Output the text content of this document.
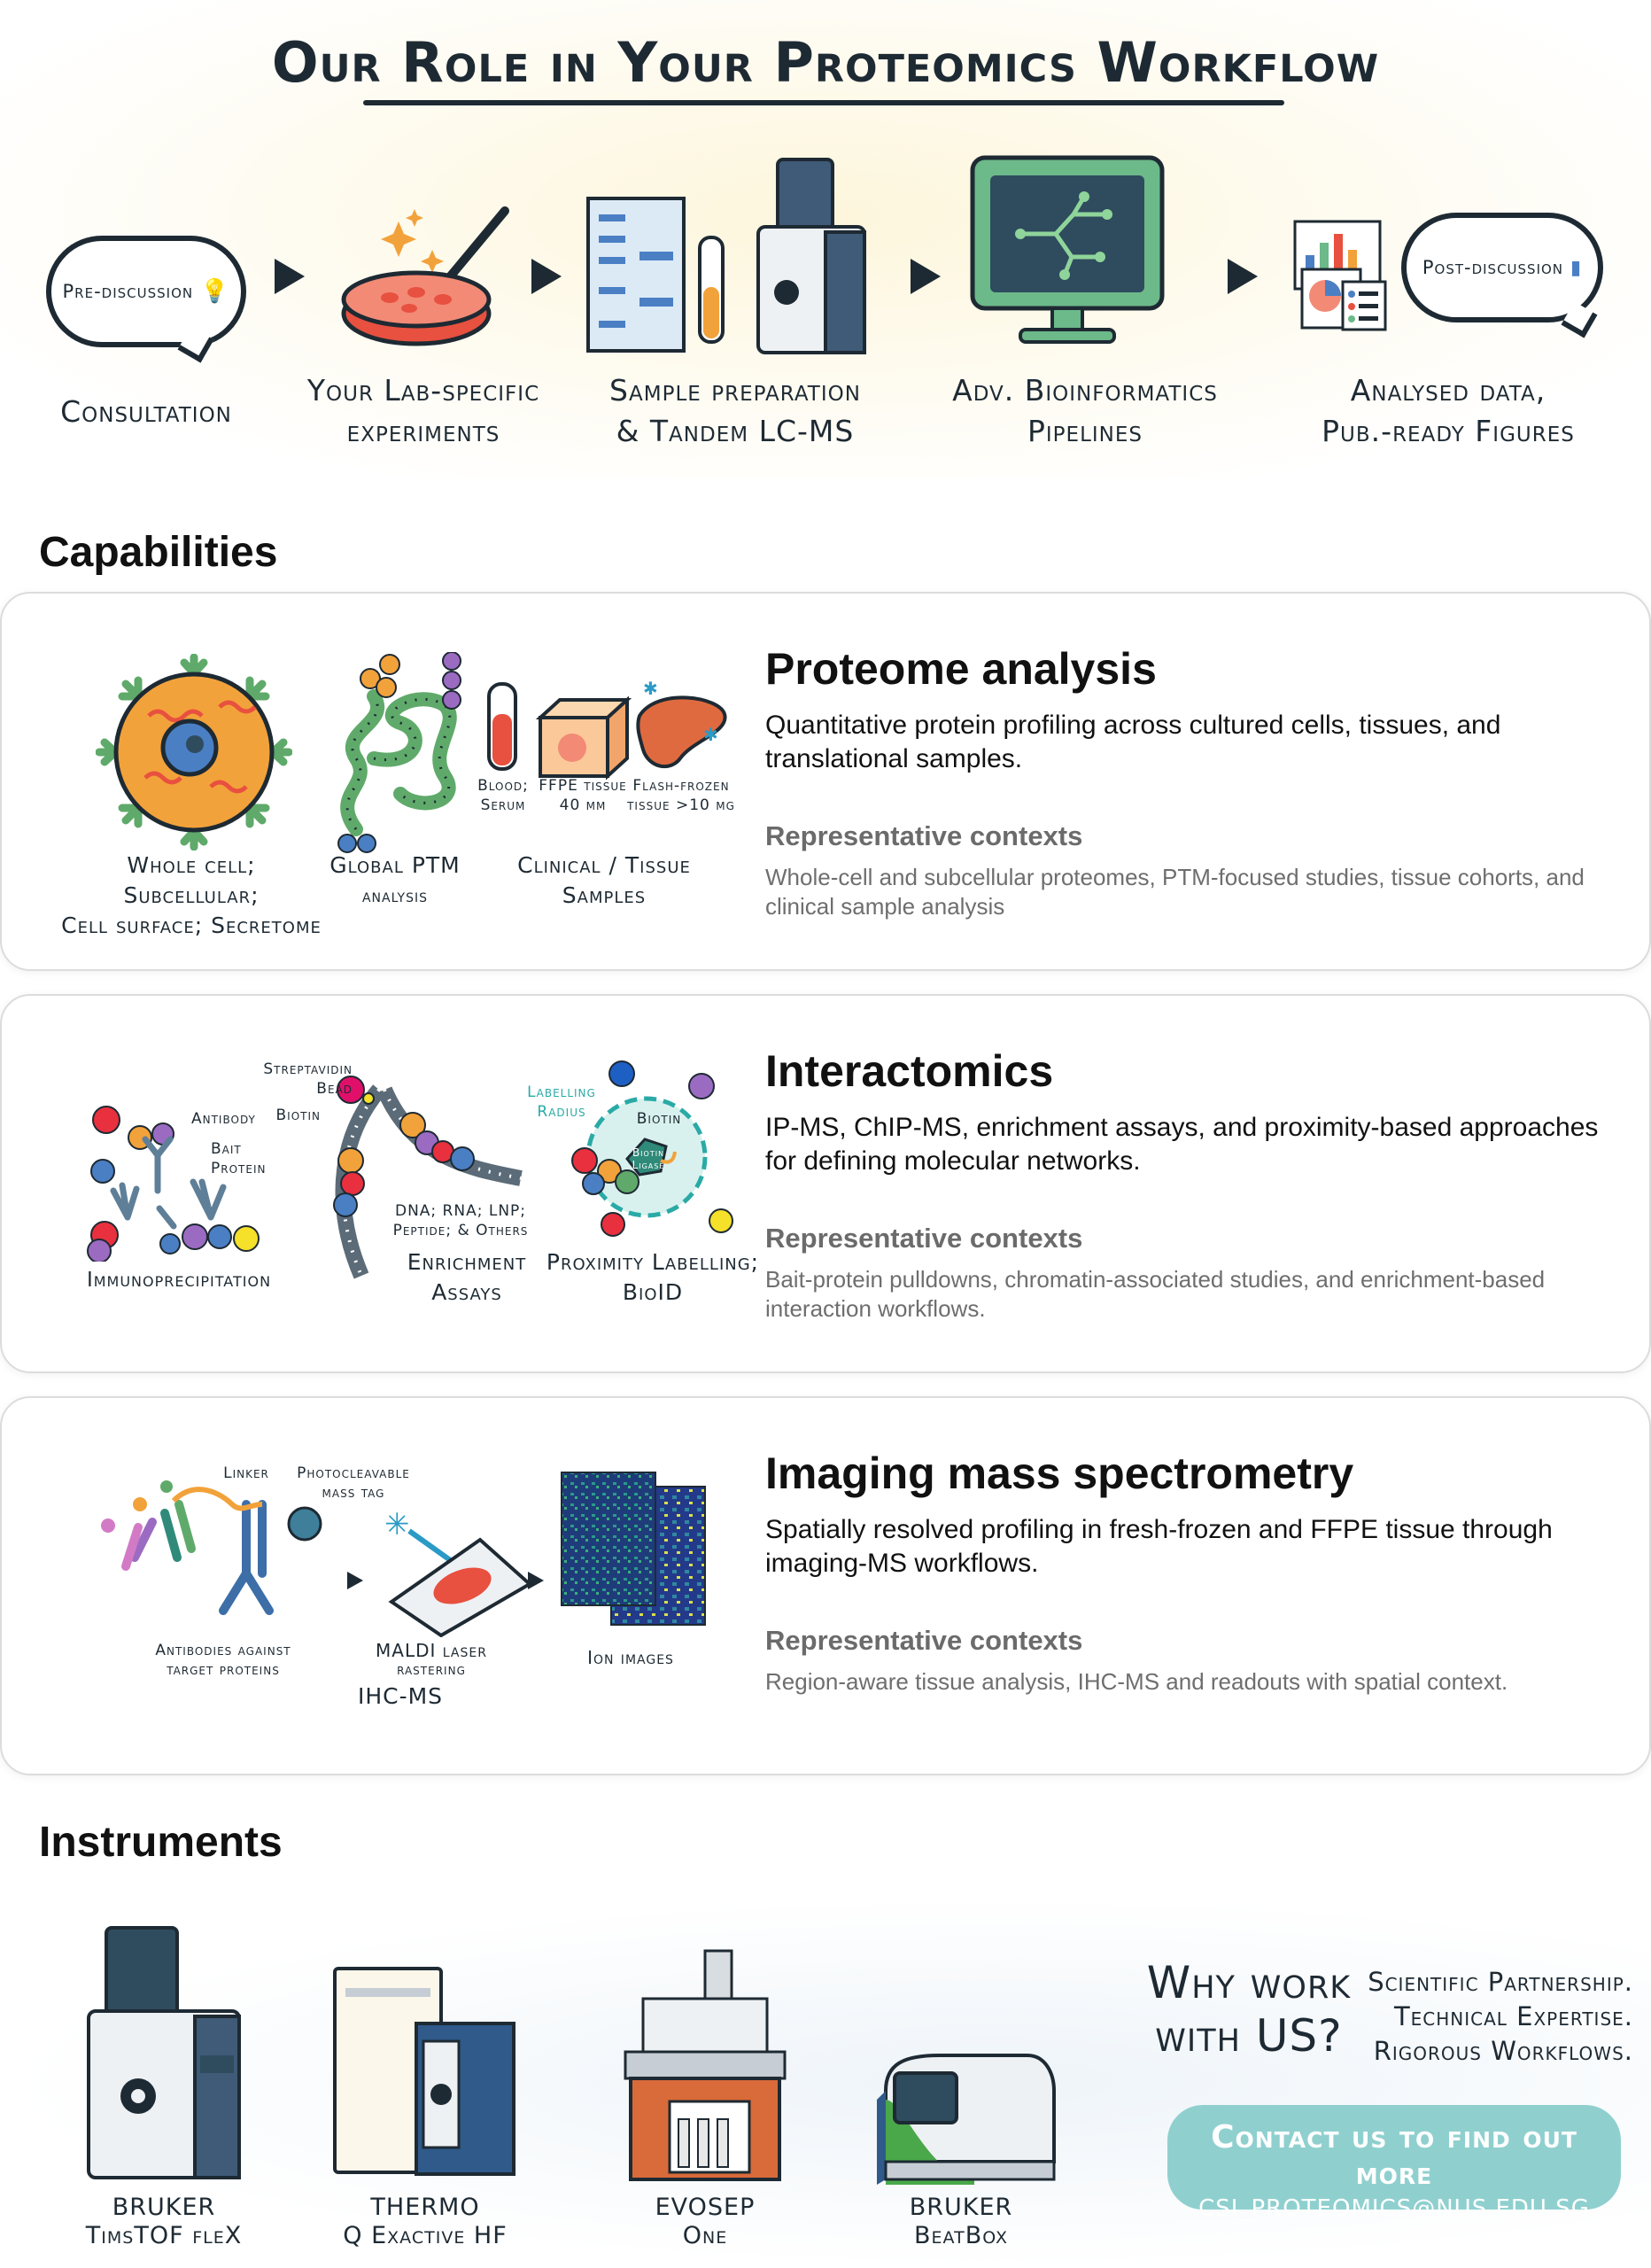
Our Role in Your Proteomics Workflow
Pre-discussion 💡
Consultation
Your Lab-specific
experiments
Sample preparation
& Tandem LC-MS
Adv. Bioinformatics
Pipelines
Post-discussion ▮
Analysed data,
Pub.-ready Figures
Capabilities
Whole cell; Subcellular;
Cell surface; Secretome
Global PTM
analysis
✱
✱
Blood;
Serum
FFPE tissue
40 μm
Flash-frozen
tissue >10 mg
Clinical / Tissue
Samples
Proteome analysis
Quantitative protein profiling across cultured cells, tissues, and translational samples.
Representative contexts
Whole-cell and subcellular proteomes, PTM-focused studies, tissue cohorts, and clinical sample analysis
Antibody
Bait
Protein
Immunoprecipitation
Streptavidin
Bead
Biotin
DNA; RNA; LNP;
Peptide; & Others
Enrichment
Assays
Labelling
Radius	Biotin
Biotin
Ligase
Proximity Labelling;
BioID
Interactomics
IP-MS, ChIP-MS, enrichment assays, and proximity-based approaches for defining molecular networks.
Representative contexts
Bait-protein pulldowns, chromatin-associated studies, and enrichment-based interaction workflows.
Linker	Photocleavable
mass tag
Antibodies against
target proteins
✳
MALDI laser
rastering
IHC-MS
Ion images
Imaging mass spectrometry
Spatially resolved profiling in fresh-frozen and FFPE tissue through imaging-MS workflows.
Representative contexts
Region-aware tissue analysis, IHC-MS and readouts with spatial context.
Instruments
BRUKER
TimsTOF fleX
THERMO
Q Exactive HF
EVOSEP
One
BRUKER
BeatBox
Why work
with US?
Scientific Partnership.
Technical Expertise.
Rigorous Workflows.
Contact us to find out more
CSI_PROTEOMICS@NUS.EDU.SG
